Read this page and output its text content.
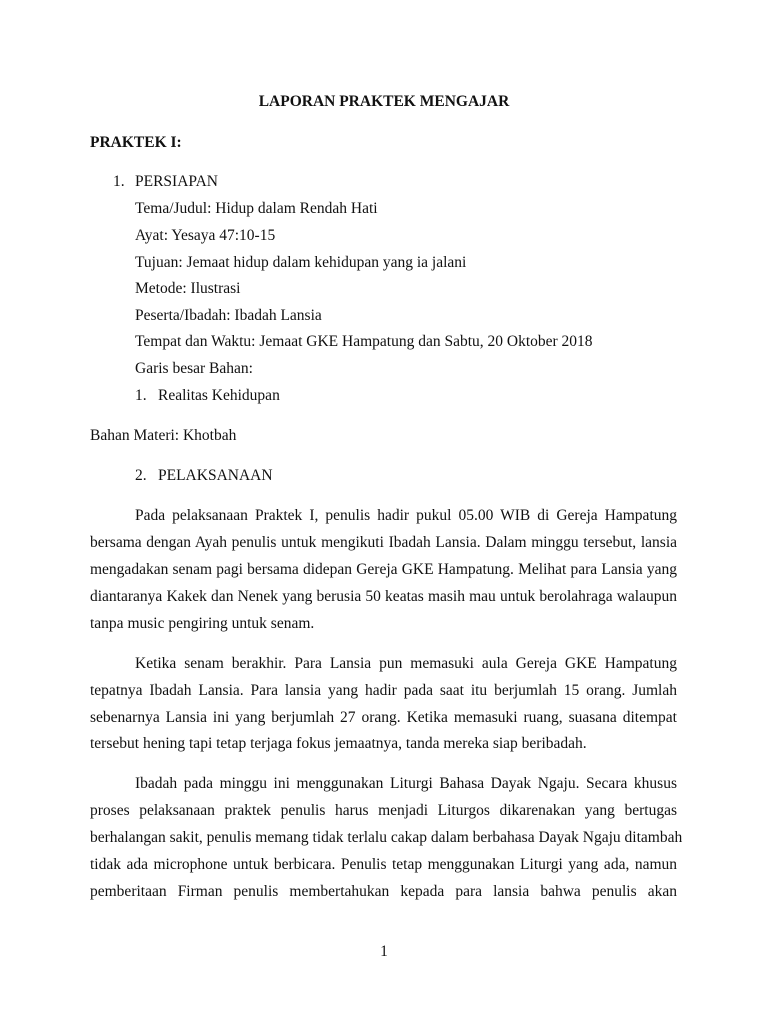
LAPORAN PRAKTEK MENGAJAR
PRAKTEK I:
1. PERSIAPAN
Tema/Judul: Hidup dalam Rendah Hati
Ayat: Yesaya 47:10-15
Tujuan: Jemaat hidup dalam kehidupan yang ia jalani
Metode: Ilustrasi
Peserta/Ibadah: Ibadah Lansia
Tempat dan Waktu: Jemaat GKE Hampatung dan Sabtu, 20 Oktober 2018
Garis besar Bahan:
1. Realitas Kehidupan
Bahan Materi: Khotbah
2. PELAKSANAAN
Pada pelaksanaan Praktek I, penulis hadir pukul 05.00 WIB di Gereja Hampatung
bersama dengan Ayah penulis untuk mengikuti Ibadah Lansia. Dalam minggu tersebut, lansia
mengadakan senam pagi bersama didepan Gereja GKE Hampatung. Melihat para Lansia yang
diantaranya Kakek dan Nenek yang berusia 50 keatas masih mau untuk berolahraga walaupun
tanpa music pengiring untuk senam.
Ketika senam berakhir. Para Lansia pun memasuki aula Gereja GKE Hampatung
tepatnya Ibadah Lansia. Para lansia yang hadir pada saat itu berjumlah 15 orang. Jumlah
sebenarnya Lansia ini yang berjumlah 27 orang. Ketika memasuki ruang, suasana ditempat
tersebut hening tapi tetap terjaga fokus jemaatnya, tanda mereka siap beribadah.
Ibadah pada minggu ini menggunakan Liturgi Bahasa Dayak Ngaju. Secara khusus
proses pelaksanaan praktek penulis harus menjadi Liturgos dikarenakan yang bertugas
berhalangan sakit, penulis memang tidak terlalu cakap dalam berbahasa Dayak Ngaju ditambah
tidak ada microphone untuk berbicara. Penulis tetap menggunakan Liturgi yang ada, namun
pemberitaan Firman penulis membertahukan kepada para lansia bahwa penulis akan
1
